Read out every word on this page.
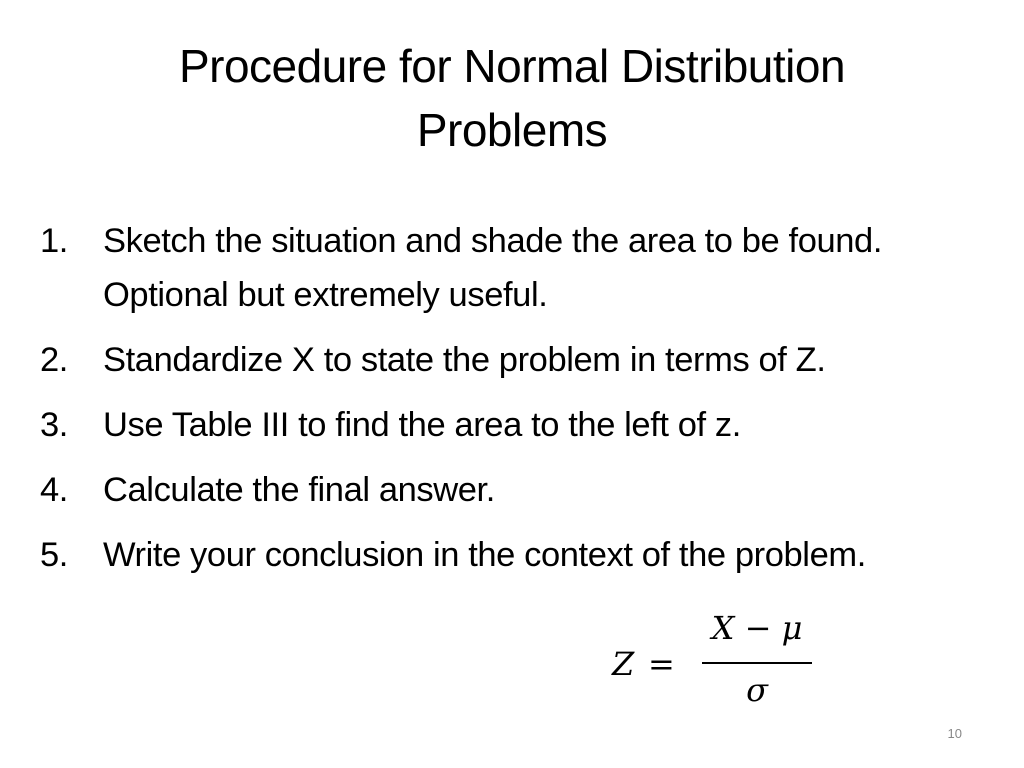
Procedure for Normal Distribution
Problems
1. Sketch the situation and shade the area to be found. Optional but extremely useful.
2. Standardize X to state the problem in terms of Z.
3. Use Table III to find the area to the left of z.
4. Calculate the final answer.
5. Write your conclusion in the context of the problem.
Z =
X − μ
σ
10
